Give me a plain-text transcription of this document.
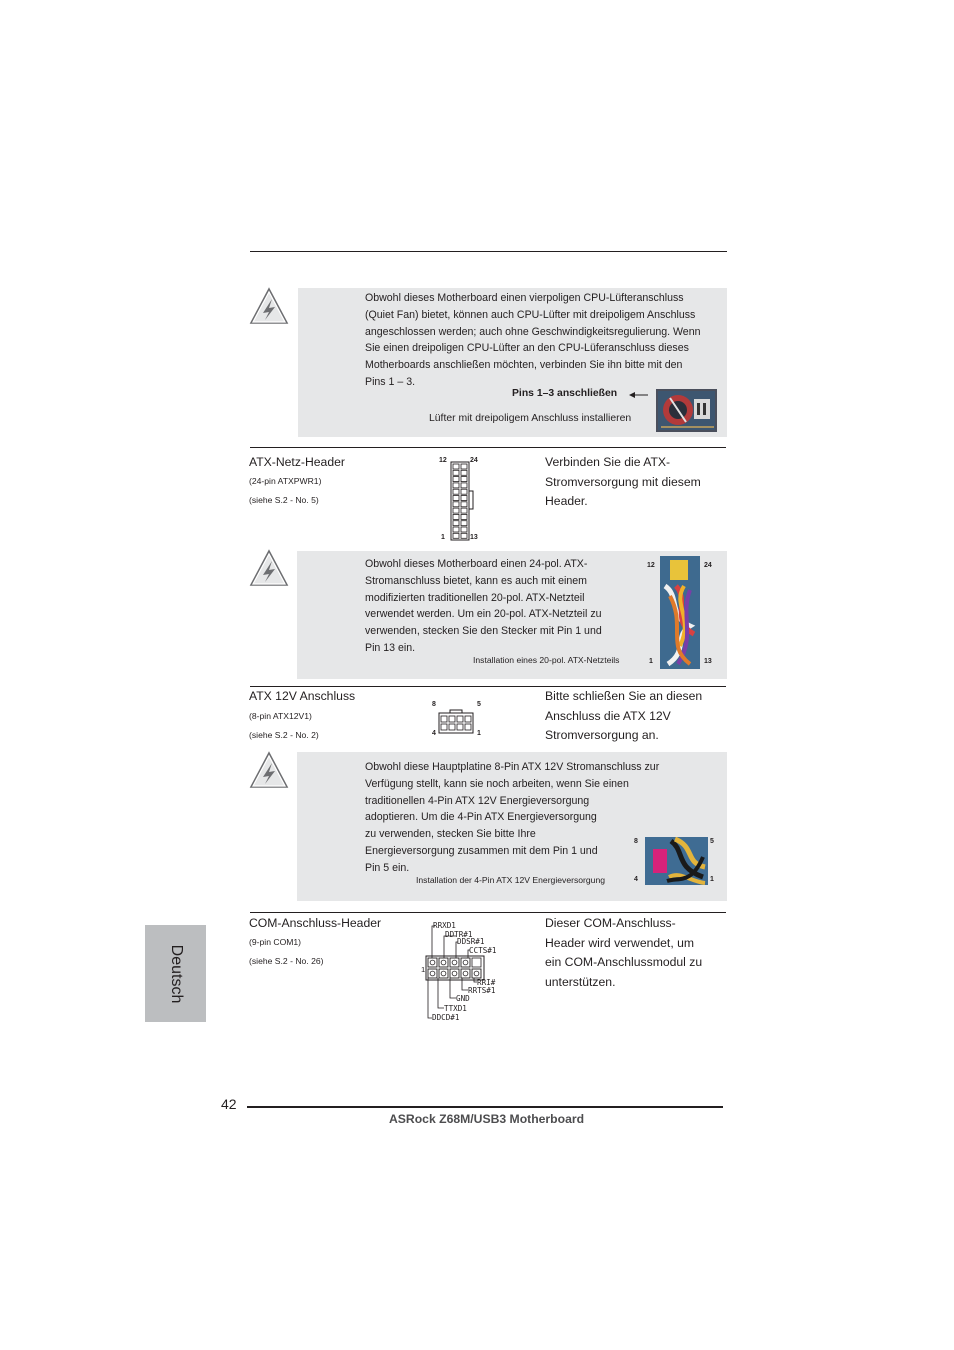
Obwohl dieses Motherboard einen vierpoligen CPU-Lüfteranschluss
(Quiet Fan) bietet, können auch CPU-Lüfter mit dreipoligem Anschluss
angeschlossen werden; auch ohne Geschwindigkeitsregulierung. Wenn
Sie einen dreipoligen CPU-Lüfter an den CPU-Lüferanschluss dieses
Motherboards anschließen möchten, verbinden Sie ihn bitte mit den
Pins 1 – 3.
Pins 1–3 anschließen
Lüfter mit dreipoligem Anschluss installieren
ATX-Netz-Header
(24-pin ATXPWR1)
(siehe S.2 - No. 5)
Verbinden Sie die ATX-
Stromversorgung mit diesem
Header.
12	24
1	13
Obwohl dieses Motherboard einen 24-pol. ATX-
Stromanschluss bietet, kann es auch mit einem
modifizierten traditionellen 20-pol. ATX-Netzteil
verwendet werden. Um ein 20-pol. ATX-Netzteil zu
verwenden, stecken Sie den Stecker mit Pin 1 und
Pin 13 ein.
Installation eines 20-pol. ATX-Netzteils
12	24
1	13
ATX 12V Anschluss
(8-pin ATX12V1)
(siehe S.2 - No. 2)
Bitte schließen Sie an diesen
Anschluss die ATX 12V
Stromversorgung an.
8	5
4	1
Obwohl diese Hauptplatine 8-Pin ATX 12V Stromanschluss zur
Verfügung stellt, kann sie noch arbeiten, wenn Sie einen
traditionellen 4-Pin ATX 12V Energieversorgung
adoptieren. Um die 4-Pin ATX Energieversorgung
zu verwenden, stecken Sie bitte Ihre
Energieversorgung zusammen mit dem Pin 1 und
Pin 5 ein.
Installation der 4-Pin ATX 12V Energieversorgung
8	5
4	1
COM-Anschluss-Header
(9-pin COM1)
(siehe S.2 - No. 26)
Dieser COM-Anschluss-
Header wird verwendet, um
ein COM-Anschlussmodul zu
unterstützen.
RRXD1
DDTR#1
DDSR#1
CCTS#1
1
RRI#
RRTS#1
GND
TTXD1
DDCD#1
Deutsch
42
ASRock Z68M/USB3 Motherboard
